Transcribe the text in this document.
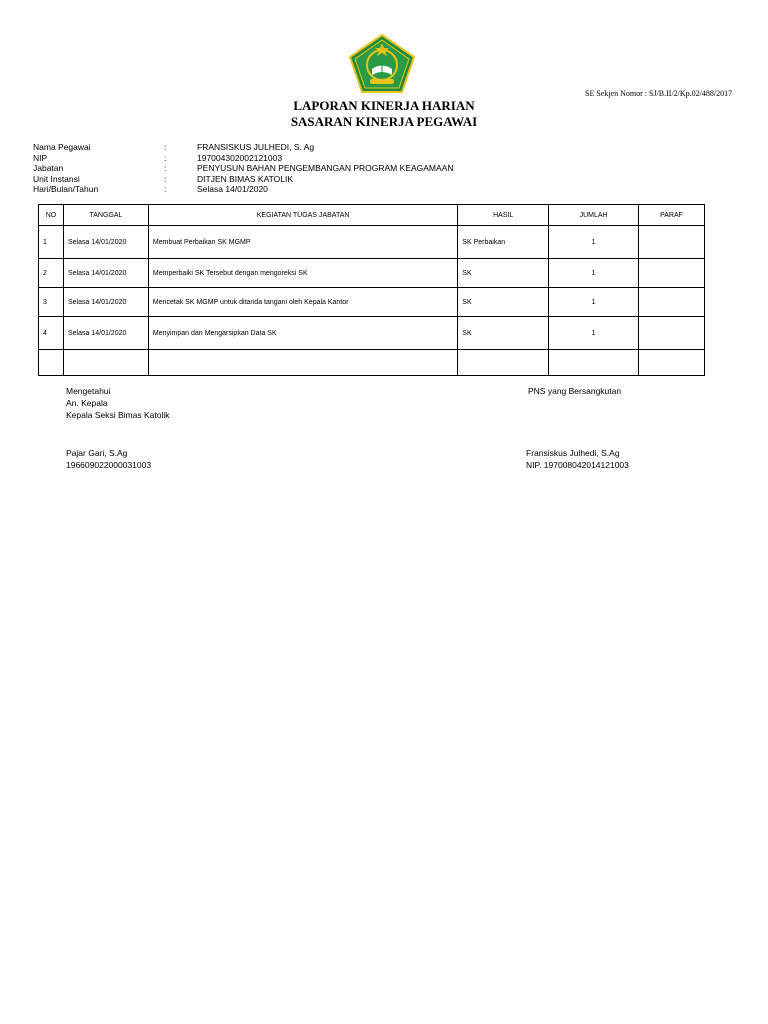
SE Sekjen Nomor : SJ/B.II/2/Kp.02/488/2017
LAPORAN KINERJA HARIAN
SASARAN KINERJA PEGAWAI
Nama Pegawai	:	FRANSISKUS JULHEDI, S. Ag
NIP	:	197004302002121003
Jabatan	:	PENYUSUN BAHAN PENGEMBANGAN PROGRAM KEAGAMAAN
Unit Instansi	:	DITJEN BIMAS KATOLIK
Hari/Bulan/Tahun	:	Selasa 14/01/2020
NO	TANGGAL	KEGIATAN TUGAS JABATAN	HASIL	JUMLAH	PARAF
1	Selasa 14/01/2020	Membuat Perbaikan SK MGMP	SK Perbaikan	1	
2	Selasa 14/01/2020	Memperbaiki SK Tersebut dengan mengoreksi SK	SK	1	
3	Selasa 14/01/2020	Mencetak SK MGMP untuk ditanda tangani oleh Kepala Kantor	SK	1	
4	Selasa 14/01/2020	Menyimpan dan Mengarsipkan Data SK	SK	1	

Mengetahui
An. Kepala
Kepala Seksi Bimas Katolik
Pajar Gari, S.Ag
196609022000031003
PNS yang Bersangkutan
Fransiskus Julhedi, S.Ag
NIP. 197008042014121003
